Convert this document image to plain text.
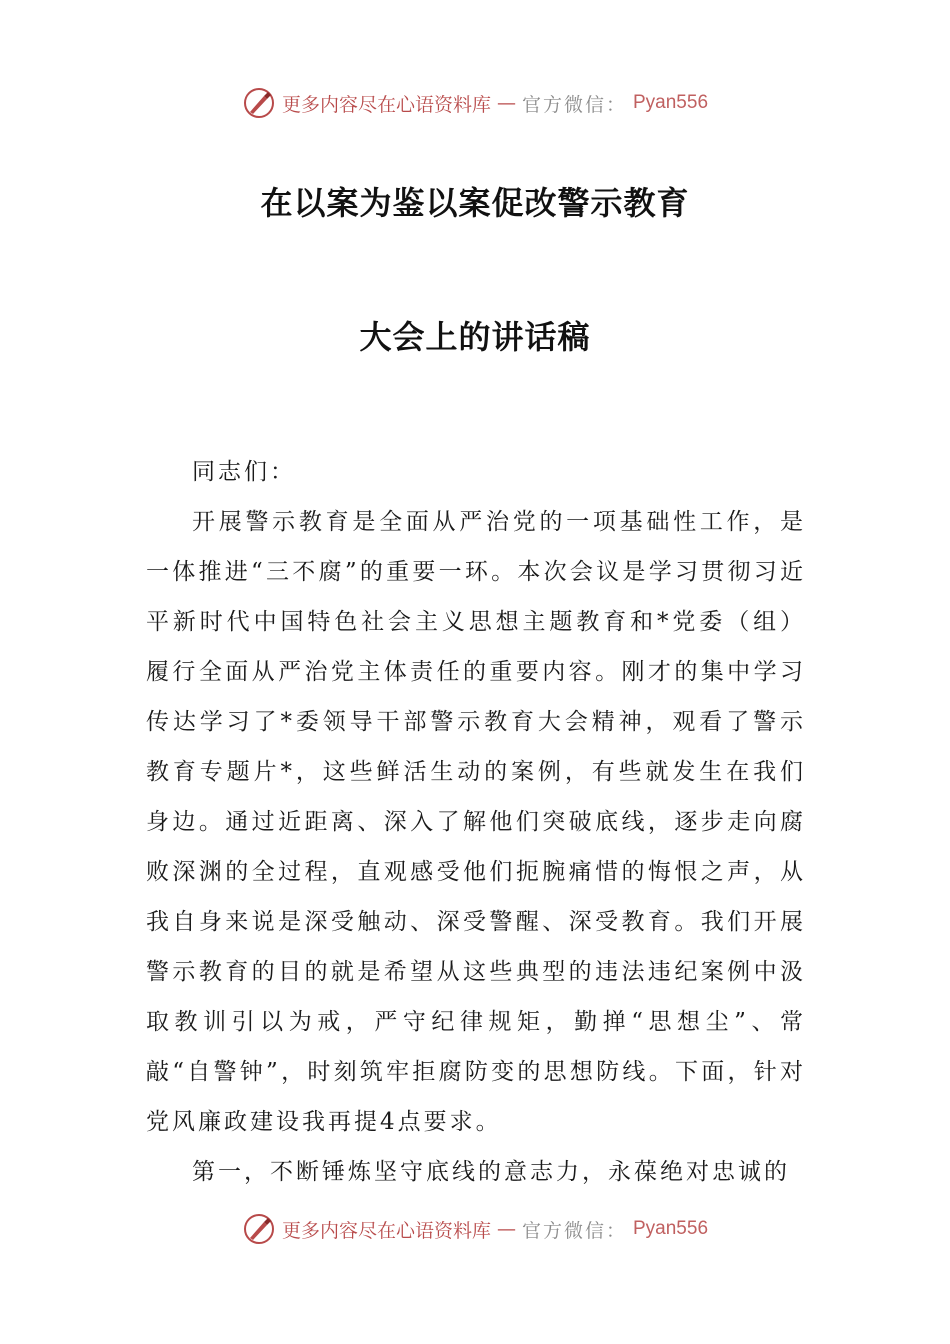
更多内容尽在心语资料库 — 官方微信： Pyan556
在以案为鉴以案促改警示教育
大会上的讲话稿

同志们：

开展警示教育是全面从严治党的一项基础性工作，是一体推进“三不腐”的重要一环。本次会议是学习贯彻习近平新时代中国特色社会主义思想主题教育和*党委（组）履行全面从严治党主体责任的重要内容。刚才的集中学习传达学习了*委领导干部警示教育大会精神，观看了警示教育专题片*，这些鲜活生动的案例，有些就发生在我们身边。通过近距离、深入了解他们突破底线，逐步走向腐败深渊的全过程，直观感受他们扼腕痛惜的悔恨之声，从我自身来说是深受触动、深受警醒、深受教育。我们开展警示教育的目的就是希望从这些典型的违法违纪案例中汲取教训引以为戒，严守纪律规矩，勤掸“思想尘”、常敲“自警钟”，时刻筑牢拒腐防变的思想防线。下面，针对党风廉政建设我再提4点要求。

第一，不断锤炼坚守底线的意志力，永葆绝对忠诚的

更多内容尽在心语资料库 — 官方微信： Pyan556
